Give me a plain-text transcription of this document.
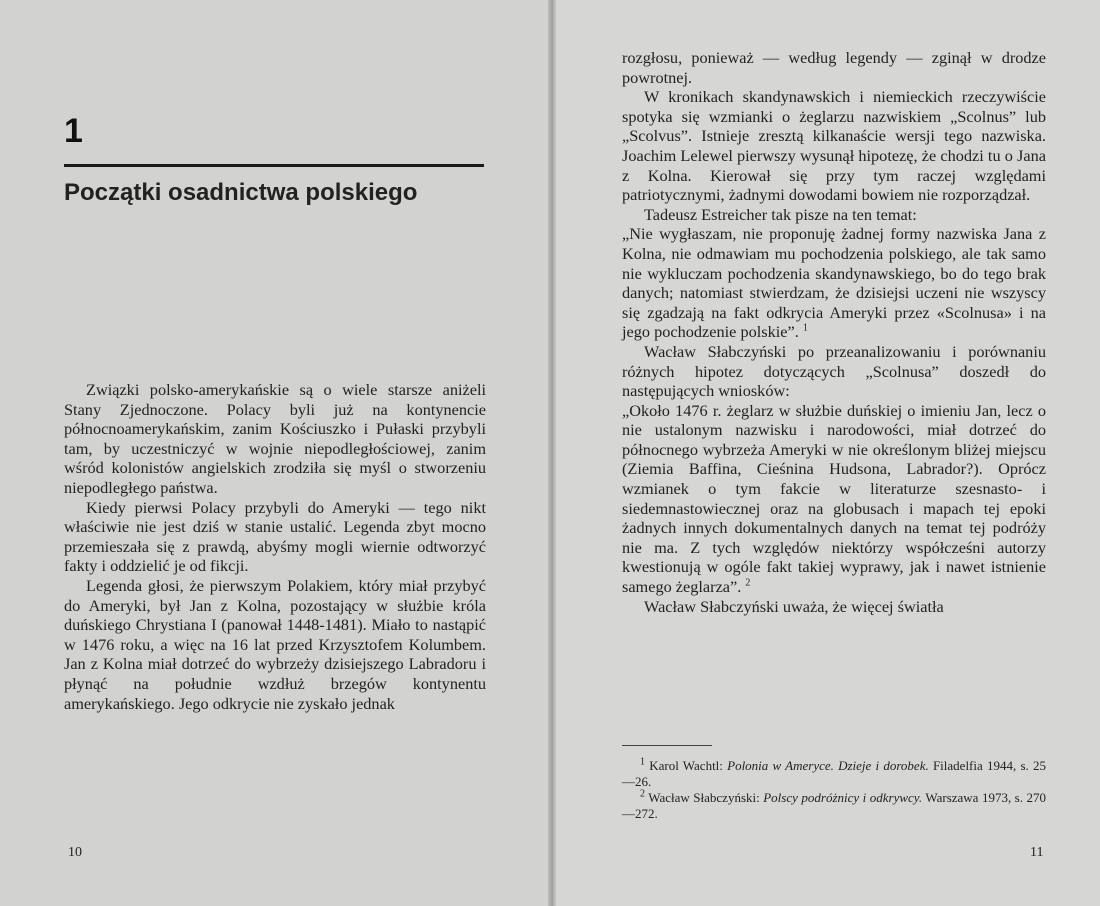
1
Początki osadnictwa polskiego

Związki polsko-amerykańskie są o wiele starsze aniżeli Stany Zjednoczone. Polacy byli już na kontynencie północnoamerykańskim, zanim Kościuszko i Pułaski przybyli tam, by uczestniczyć w wojnie niepodległościowej, zanim wśród kolonistów angielskich zrodziła się myśl o stworzeniu niepodległego państwa.

Kiedy pierwsi Polacy przybyli do Ameryki — tego nikt właściwie nie jest dziś w stanie ustalić. Legenda zbyt mocno przemieszała się z prawdą, abyśmy mogli wiernie odtworzyć fakty i oddzielić je od fikcji.

Legenda głosi, że pierwszym Polakiem, który miał przybyć do Ameryki, był Jan z Kolna, pozostający w służbie króla duńskiego Chrystiana I (panował 1448-1481). Miało to nastąpić w 1476 roku, a więc na 16 lat przed Krzysztofem Kolumbem. Jan z Kolna miał dotrzeć do wybrzeży dzisiejszego Labradoru i płynąć na południe wzdłuż brzegów kontynentu amerykańskiego. Jego odkrycie nie zyskało jednak

10

rozgłosu, ponieważ — według legendy — zginął w drodze powrotnej.

W kronikach skandynawskich i niemieckich rzeczywiście spotyka się wzmianki o żeglarzu nazwiskiem „Scolnus” lub „Scolvus”. Istnieje zresztą kilkanaście wersji tego nazwiska. Joachim Lelewel pierwszy wysunął hipotezę, że chodzi tu o Jana z Kolna. Kierował się przy tym raczej względami patriotycznymi, żadnymi dowodami bowiem nie rozporządzał.

Tadeusz Estreicher tak pisze na ten temat:

„Nie wygłaszam, nie proponuję żadnej formy nazwiska Jana z Kolna, nie odmawiam mu pochodzenia polskiego, ale tak samo nie wykluczam pochodzenia skandynawskiego, bo do tego brak danych; natomiast stwierdzam, że dzisiejsi uczeni nie wszyscy się zgadzają na fakt odkrycia Ameryki przez «Scolnusa» i na jego pochodzenie polskie”. $^1$

Wacław Słabczyński po przeanalizowaniu i porównaniu różnych hipotez dotyczących „Scolnusa” doszedł do następujących wniosków:

„Około 1476 r. żeglarz w służbie duńskiej o imieniu Jan, lecz o nie ustalonym nazwisku i narodowości, miał dotrzeć do północnego wybrzeża Ameryki w nie określonym bliżej miejscu (Ziemia Baffina, Cieśnina Hudsona, Labrador?). Oprócz wzmianek o tym fakcie w literaturze szesnasto- i siedemnastowiecznej oraz na globusach i mapach tej epoki żadnych innych dokumentalnych danych na temat tej podróży nie ma. Z tych względów niektórzy współcześni autorzy kwestionują w ogóle fakt takiej wyprawy, jak i nawet istnienie samego żeglarza”. $^2$

Wacław Słabczyński uważa, że więcej światła

$^1$ Karol Wachtl: Polonia w Ameryce. Dzieje i dorobek. Filadelfia 1944, s. 25—26.

$^2$ Wacław Słabczyński: Polscy podróżnicy i odkrywcy. Warszawa 1973, s. 270—272.

11
